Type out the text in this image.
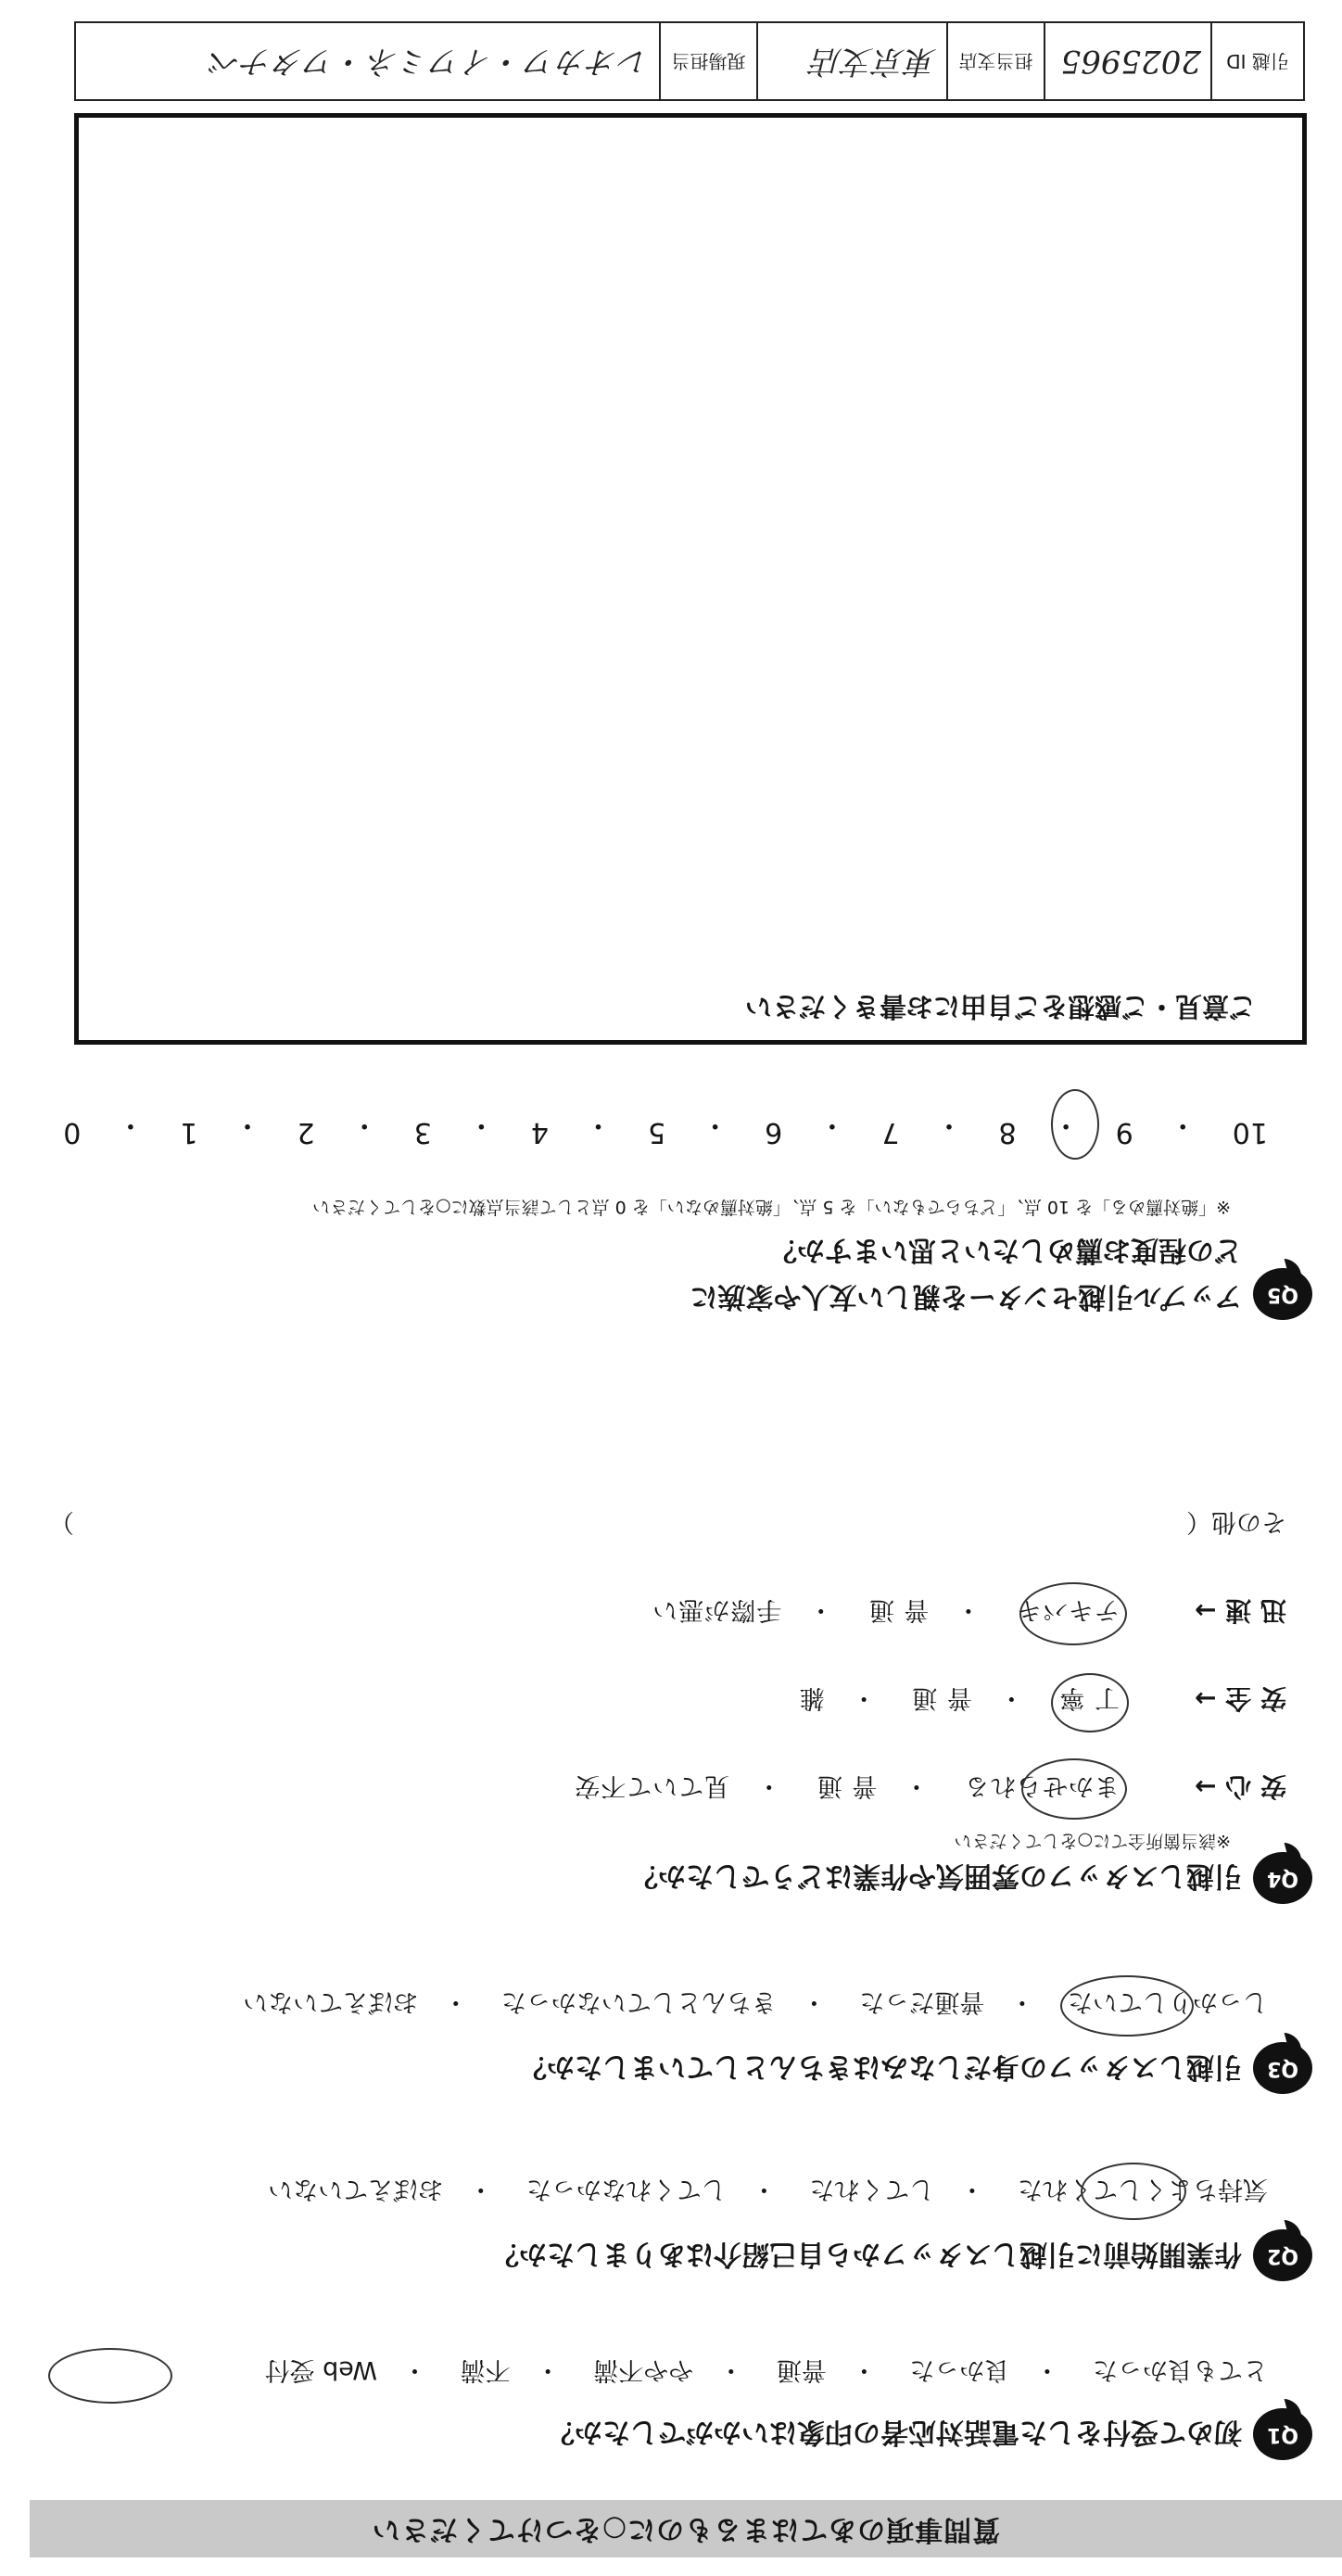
質問事項のあてはまるものに○をつけてください
Q1
初めて受付をした電話対応者の印象はいかがでしたか？
とても良かった 　・　良かった 　・　普通 　・　やや不満 　・　不満 　・　Web 受付
Q2
作業開始前に引越しスタッフから自己紹介はありましたか？
気持ちよくしてくれた 　・　してくれた 　・　してくれなかった 　・　おぼえていない
Q3
引越しスタッフの身だしなみはきちんとしていましたか？
しっかりしていた 　・　普通だった 　・　きちんとしていなかった 　・　おぼえていない
Q4
引越しスタッフの雰囲気や作業はどうでしたか？
※該当箇所全てに○をしてください
安 心 →
まかせられる 　・　普 通 　・　見ていて不安
安 全 →
丁 寧 　・　普 通 　・　雑
迅 速 →
テキパキ 　・　普 通 　・　手際が悪い
その他（
）
Q5
アップル引越センターを親しい友人や家族に
どの程度お薦めしたいと思いますか？
※「絶対薦める」を 10 点、「どちらでもない」を 5 点、「絶対薦めない」を 0 点として該当点数に○をしてください
10
・
9
・
8
・
7
・
6
・
5
・
4
・
3
・
2
・
1
・
0
ご意見・ご感想をご自由にお書きください
引越 ID
2025965
担当支店
東京支店
現場担当
レオカワ・イワミネ・ワタナベ
